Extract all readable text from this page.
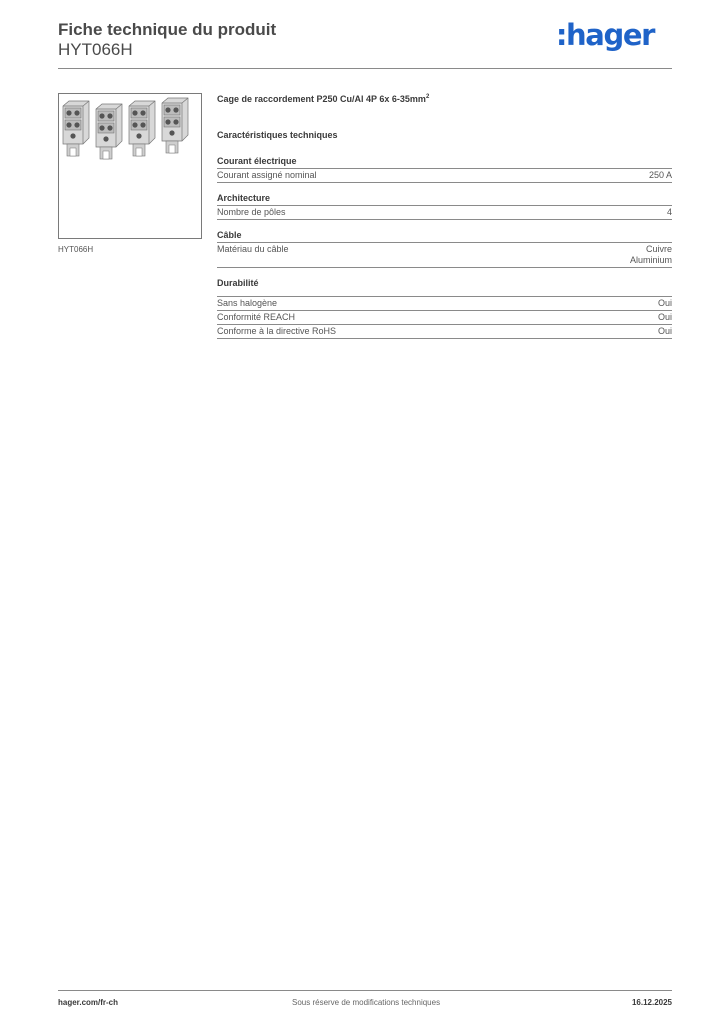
Fiche technique du produit
HYT066H	:hager
HYT066H
Cage de raccordement P250 Cu/Al 4P 6x $6-35mm^2$
Caractéristiques techniques
Courant électrique
Courant assigné nominal	250 A
Architecture
Nombre de pôles	4
Câble
Matériau du câble	Cuivre
Aluminium
Durabilité
Sans halogène	Oui
Conformité REACH	Oui
Conforme à la directive RoHS	Oui
hager.com/fr-ch	Sous réserve de modifications techniques	16.12.2025
